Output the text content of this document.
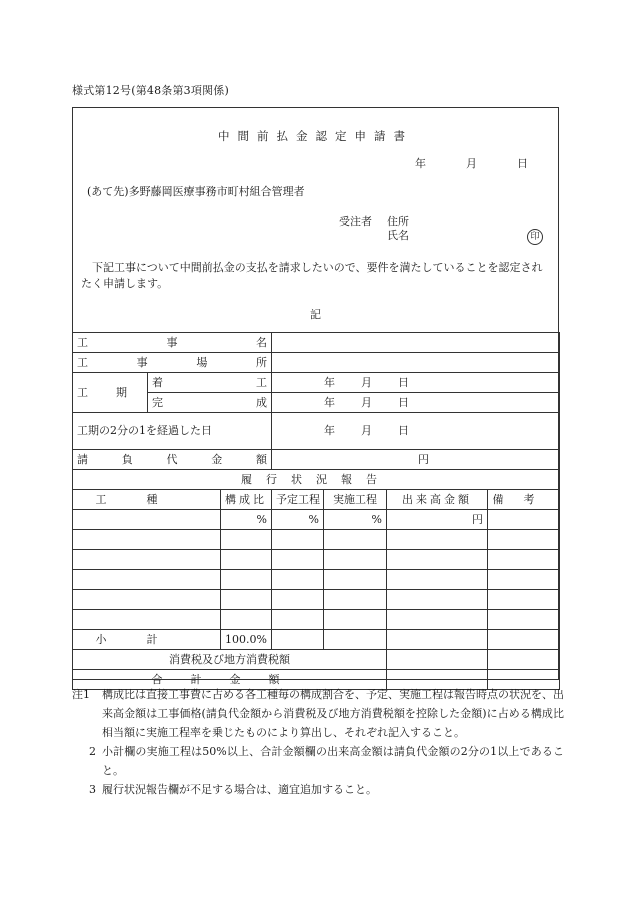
様式第12号(第48条第3項関係)
中間前払金認定申請書
年	月	日
(あて先)多野藤岡医療事務市町村組合管理者
受注者 住所
氏名	印
下記工事について中間前払金の支払を請求したいので、要件を満たしていることを認定されたく申請します。
記
工事名						
工事場所						
工期	着工		年 月 日			
	完成		年 月 日			
工期の2分の1を経過した日			年 月 日			
請負代金額			円			
履行状況報告						
工種		構成比	予定工程	実施工程	出来高金額	備考
		%	%	%	円	

小計		100.0%				
消費税及び地方消費税額						
合計金額						
注1	構成比は直接工事費に占める各工種毎の構成割合を、予定、実施工程は報告時点の状況を、出来高金額は工事価格(請負代金額から消費税及び地方消費税額を控除した金額)に占める構成比相当額に実施工程率を乗じたものにより算出し、それぞれ記入すること。
2 小計欄の実施工程は50%以上、合計金額欄の出来高金額は請負代金額の2分の1以上であること。
3 履行状況報告欄が不足する場合は、適宜追加すること。
